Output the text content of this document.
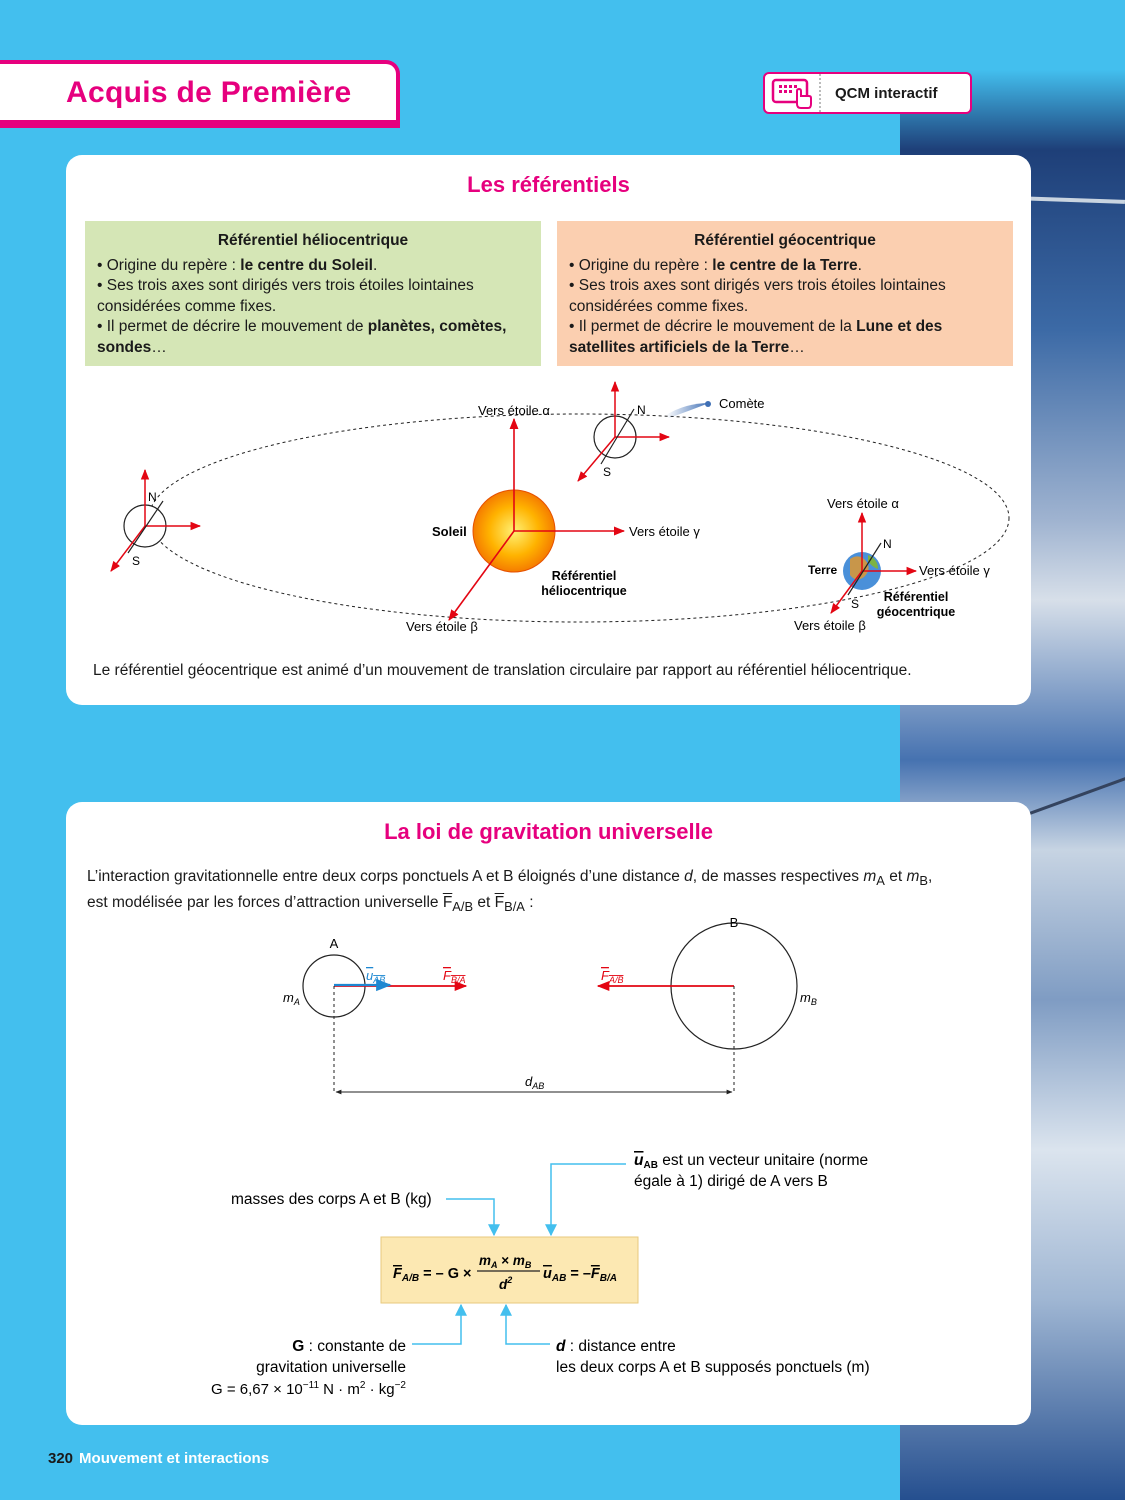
Acquis de Première	QCM interactif
Les référentiels
Référentiel héliocentrique
• Origine du repère : le centre du Soleil.
• Ses trois axes sont dirigés vers trois étoiles lointaines considérées comme fixes.
• Il permet de décrire le mouvement de planètes, comètes, sondes…
Référentiel géocentrique
• Origine du repère : le centre de la Terre.
• Ses trois axes sont dirigés vers trois étoiles lointaines considérées comme fixes.
• Il permet de décrire le mouvement de la Lune et des satellites artificiels de la Terre…
Vers étoile α
Vers étoile γ
Vers étoile β
Soleil
Référentiel
héliocentrique
N
S
N
S
Comète
Vers étoile α
Vers étoile γ
Vers étoile β
Terre
N
S Référentiel
géocentrique
Le référentiel géocentrique est animé d’un mouvement de translation circulaire par rapport au référentiel héliocentrique.
La loi de gravitation universelle
L’interaction gravitationnelle entre deux corps ponctuels A et B éloignés d’une distance d, de masses respectives $m_A$ et $m_B$,
est modélisée par les forces d’attraction universelle $\overline{F}_{A/B}$ et $\overline{F}_{B/A}$ :
A
$m_A$
$u_{AB}$	$F_{B/A}$
B
$m_B$
$F_{A/B}$
$d_{AB}$
$F_{A/B}$ = – G ×
$m_A \times m_B$
$d^2$ $u_{AB} = -F_{B/A}$
masses des corps A et B (kg)
uAB est un vecteur unitaire (norme
égale à 1) dirigé de A vers B
G : constante de
gravitation universelle
$G = 6,67 \times 10^{-11}$ $N \cdot m^2 \cdot kg^{-2}$
d : distance entre
les deux corps A et B supposés ponctuels (m)
320 Mouvement et interactions
